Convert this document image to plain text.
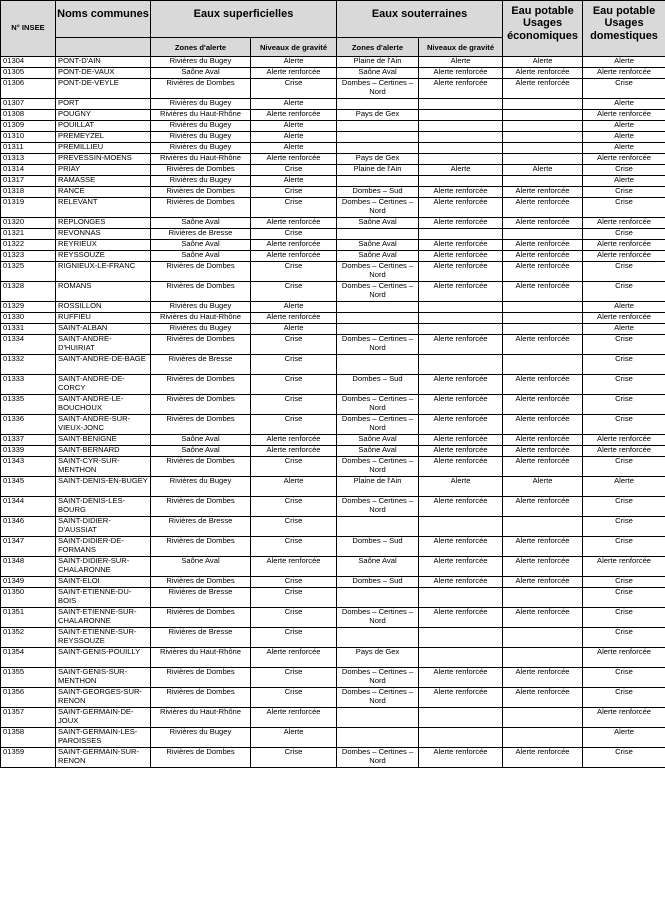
N° INSEE	Noms communes	Eaux superficielles		Eaux souterraines		Eau potable Usages économiques	Eau potable Usages domestiques

		Zones d'alerte	Niveaux de gravité	Zones d'alerte	Niveaux de gravité		
01304	PONT-D'AIN	Rivières du Bugey	Alerte	Plaine de l'Ain	Alerte	Alerte	Alerte
01305	PONT-DE-VAUX	Saône Aval	Alerte renforcée	Saône Aval	Alerte renforcée	Alerte renforcée	Alerte renforcée
01306	PONT-DE-VEYLE	Rivières de Dombes	Crise	Dombes – Certines – Nord	Alerte renforcée	Alerte renforcée	Crise
01307	PORT	Rivières du Bugey	Alerte				Alerte
01308	POUGNY	Rivières du Haut-Rhône	Alerte renforcée	Pays de Gex			Alerte renforcée
01309	POUILLAT	Rivières du Bugey	Alerte				Alerte
01310	PREMEYZEL	Rivières du Bugey	Alerte				Alerte
01311	PREMILLIEU	Rivières du Bugey	Alerte				Alerte
01313	PREVESSIN-MOENS	Rivières du Haut-Rhône	Alerte renforcée	Pays de Gex			Alerte renforcée
01314	PRIAY	Rivières de Dombes	Crise	Plaine de l'Ain	Alerte	Alerte	Crise
01317	RAMASSE	Rivières du Bugey	Alerte				Alerte
01318	RANCE	Rivières de Dombes	Crise	Dombes – Sud	Alerte renforcée	Alerte renforcée	Crise
01319	RELEVANT	Rivières de Dombes	Crise	Dombes – Certines – Nord	Alerte renforcée	Alerte renforcée	Crise
01320	REPLONGES	Saône Aval	Alerte renforcée	Saône Aval	Alerte renforcée	Alerte renforcée	Alerte renforcée
01321	REVONNAS	Rivières de Bresse	Crise				Crise
01322	REYRIEUX	Saône Aval	Alerte renforcée	Saône Aval	Alerte renforcée	Alerte renforcée	Alerte renforcée
01323	REYSSOUZE	Saône Aval	Alerte renforcée	Saône Aval	Alerte renforcée	Alerte renforcée	Alerte renforcée
01325	RIGNIEUX-LE-FRANC	Rivières de Dombes	Crise	Dombes – Certines – Nord	Alerte renforcée	Alerte renforcée	Crise
01328	ROMANS	Rivières de Dombes	Crise	Dombes – Certines – Nord	Alerte renforcée	Alerte renforcée	Crise
01329	ROSSILLON	Rivières du Bugey	Alerte				Alerte
01330	RUFFIEU	Rivières du Haut-Rhône	Alerte renforcée				Alerte renforcée
01331	SAINT-ALBAN	Rivières du Bugey	Alerte				Alerte
01334	SAINT-ANDRE-D'HUIRIAT	Rivières de Dombes	Crise	Dombes – Certines – Nord	Alerte renforcée	Alerte renforcée	Crise
01332	SAINT-ANDRE-DE-BAGE	Rivières de Bresse	Crise				Crise
01333	SAINT-ANDRE-DE-CORCY	Rivières de Dombes	Crise	Dombes – Sud	Alerte renforcée	Alerte renforcée	Crise
01335	SAINT-ANDRE-LE-BOUCHOUX	Rivières de Dombes	Crise	Dombes – Certines – Nord	Alerte renforcée	Alerte renforcée	Crise
01336	SAINT-ANDRE-SUR-VIEUX-JONC	Rivières de Dombes	Crise	Dombes – Certines – Nord	Alerte renforcée	Alerte renforcée	Crise
01337	SAINT-BENIGNE	Saône Aval	Alerte renforcée	Saône Aval	Alerte renforcée	Alerte renforcée	Alerte renforcée
01339	SAINT-BERNARD	Saône Aval	Alerte renforcée	Saône Aval	Alerte renforcée	Alerte renforcée	Alerte renforcée
01343	SAINT-CYR-SUR-MENTHON	Rivières de Dombes	Crise	Dombes – Certines – Nord	Alerte renforcée	Alerte renforcée	Crise
01345	SAINT-DENIS-EN-BUGEY	Rivières du Bugey	Alerte	Plaine de l'Ain	Alerte	Alerte	Alerte
01344	SAINT-DENIS-LES-BOURG	Rivières de Dombes	Crise	Dombes – Certines – Nord	Alerte renforcée	Alerte renforcée	Crise
01346	SAINT-DIDIER-D'AUSSIAT	Rivières de Bresse	Crise				Crise
01347	SAINT-DIDIER-DE-FORMANS	Rivières de Dombes	Crise	Dombes – Sud	Alerte renforcée	Alerte renforcée	Crise
01348	SAINT-DIDIER-SUR-CHALARONNE	Saône Aval	Alerte renforcée	Saône Aval	Alerte renforcée	Alerte renforcée	Alerte renforcée
01349	SAINT-ELOI	Rivières de Dombes	Crise	Dombes – Sud	Alerte renforcée	Alerte renforcée	Crise
01350	SAINT-ETIENNE-DU-BOIS	Rivières de Bresse	Crise				Crise
01351	SAINT-ETIENNE-SUR-CHALARONNE	Rivières de Dombes	Crise	Dombes – Certines – Nord	Alerte renforcée	Alerte renforcée	Crise
01352	SAINT-ETIENNE-SUR-REYSSOUZE	Rivières de Bresse	Crise				Crise
01354	SAINT-GENIS-POUILLY	Rivières du Haut-Rhône	Alerte renforcée	Pays de Gex			Alerte renforcée
01355	SAINT-GENIS-SUR-MENTHON	Rivières de Dombes	Crise	Dombes – Certines – Nord	Alerte renforcée	Alerte renforcée	Crise
01356	SAINT-GEORGES-SUR-RENON	Rivières de Dombes	Crise	Dombes – Certines – Nord	Alerte renforcée	Alerte renforcée	Crise
01357	SAINT-GERMAIN-DE-JOUX	Rivières du Haut-Rhône	Alerte renforcée				Alerte renforcée
01358	SAINT-GERMAIN-LES-PAROISSES	Rivières du Bugey	Alerte				Alerte
01359	SAINT-GERMAIN-SUR-RENON	Rivières de Dombes	Crise	Dombes – Certines – Nord	Alerte renforcée	Alerte renforcée	Crise
